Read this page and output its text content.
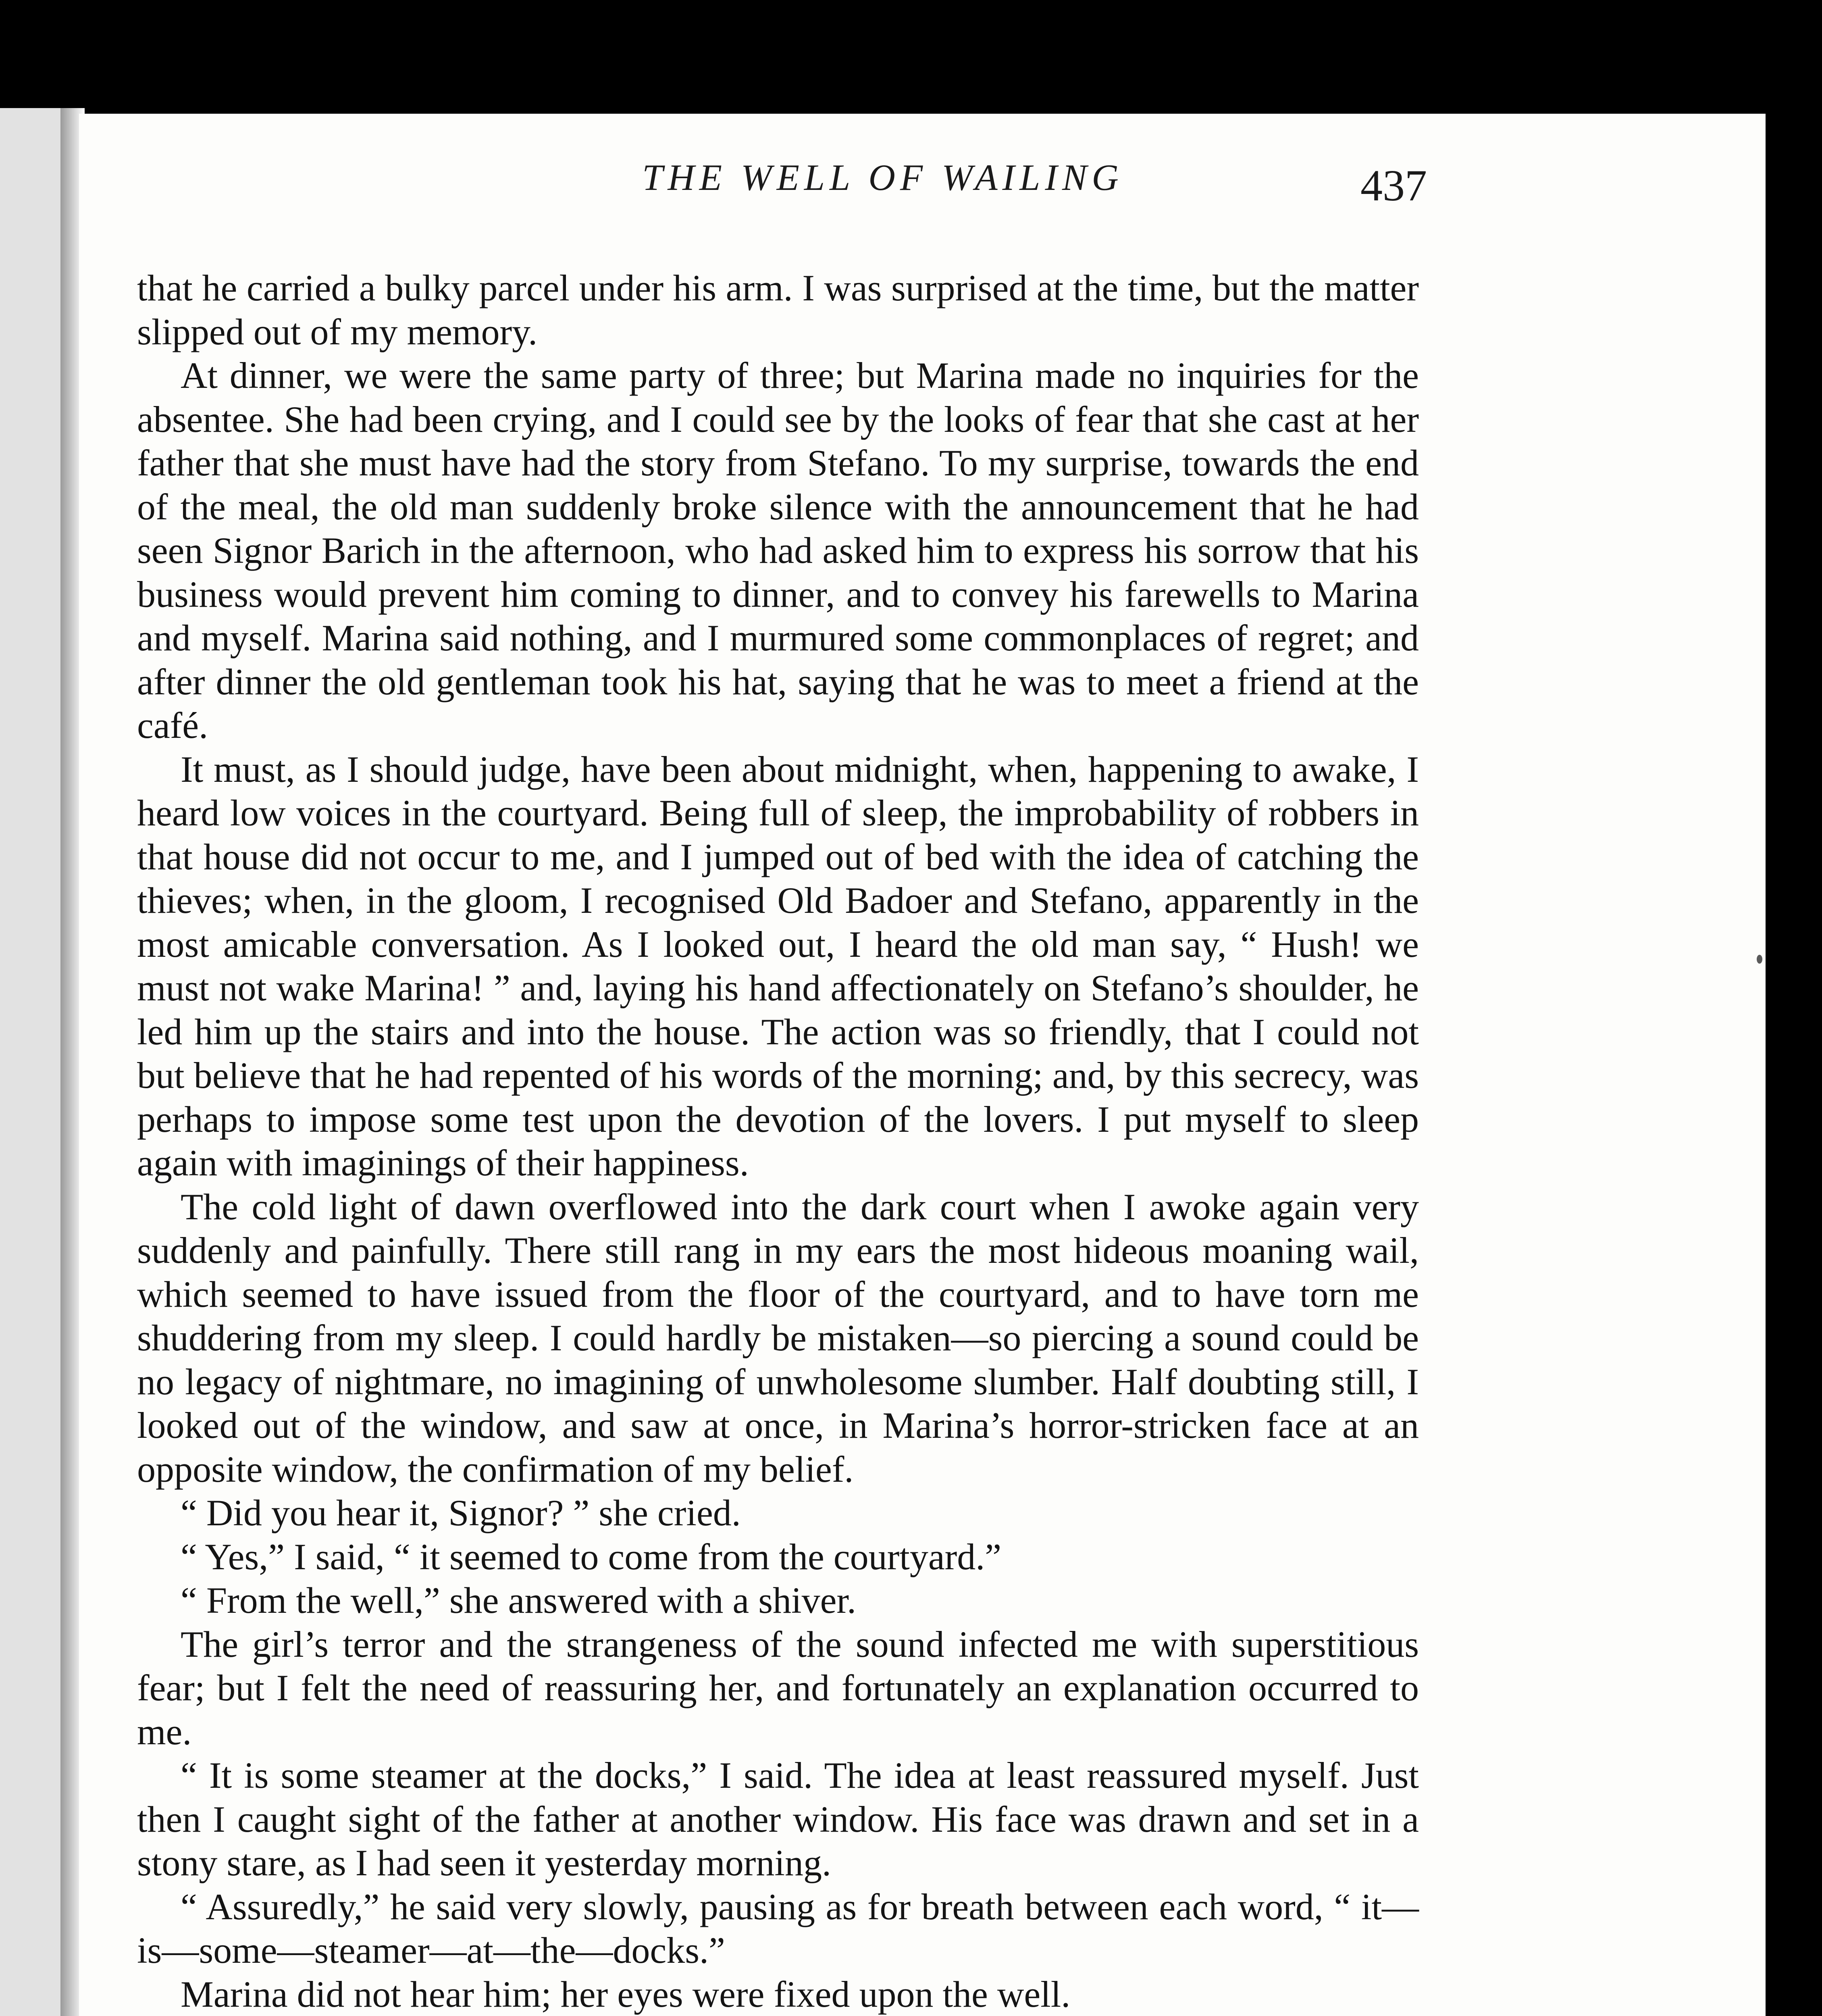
THE WELL OF WAILING	437

that he carried a bulky parcel under his arm. I was surprised at the time, but the matter slipped out of my memory.

At dinner, we were the same party of three; but Marina made no inquiries for the absentee. She had been crying, and I could see by the looks of fear that she cast at her father that she must have had the story from Stefano. To my surprise, towards the end of the meal, the old man suddenly broke silence with the announcement that he had seen Signor Barich in the afternoon, who had asked him to express his sorrow that his business would prevent him coming to dinner, and to convey his farewells to Marina and myself. Marina said nothing, and I murmured some commonplaces of regret; and after dinner the old gentleman took his hat, saying that he was to meet a friend at the café.

It must, as I should judge, have been about midnight, when, happening to awake, I heard low voices in the courtyard. Being full of sleep, the improbability of robbers in that house did not occur to me, and I jumped out of bed with the idea of catching the thieves; when, in the gloom, I recognised Old Badoer and Stefano, apparently in the most amicable conversation. As I looked out, I heard the old man say, “ Hush! we must not wake Marina! ” and, laying his hand affectionately on Stefano’s shoulder, he led him up the stairs and into the house. The action was so friendly, that I could not but believe that he had repented of his words of the morning; and, by this secrecy, was perhaps to impose some test upon the devotion of the lovers. I put myself to sleep again with imaginings of their happiness.

The cold light of dawn overflowed into the dark court when I awoke again very suddenly and painfully. There still rang in my ears the most hideous moaning wail, which seemed to have issued from the floor of the courtyard, and to have torn me shuddering from my sleep. I could hardly be mistaken—so piercing a sound could be no legacy of nightmare, no imagining of unwholesome slumber. Half doubting still, I looked out of the window, and saw at once, in Marina’s horror-stricken face at an opposite window, the confirmation of my belief.

“ Did you hear it, Signor? ” she cried.

“ Yes,” I said, “ it seemed to come from the courtyard.”

“ From the well,” she answered with a shiver.

The girl’s terror and the strangeness of the sound infected me with superstitious fear; but I felt the need of reassuring her, and fortunately an explanation occurred to me.

“ It is some steamer at the docks,” I said. The idea at least reassured myself. Just then I caught sight of the father at another window. His face was drawn and set in a stony stare, as I had seen it yesterday morning.

“ Assuredly,” he said very slowly, pausing as for breath between each word, “ it—is—some—steamer—at—the—docks.”

Marina did not hear him; her eyes were fixed upon the well.
